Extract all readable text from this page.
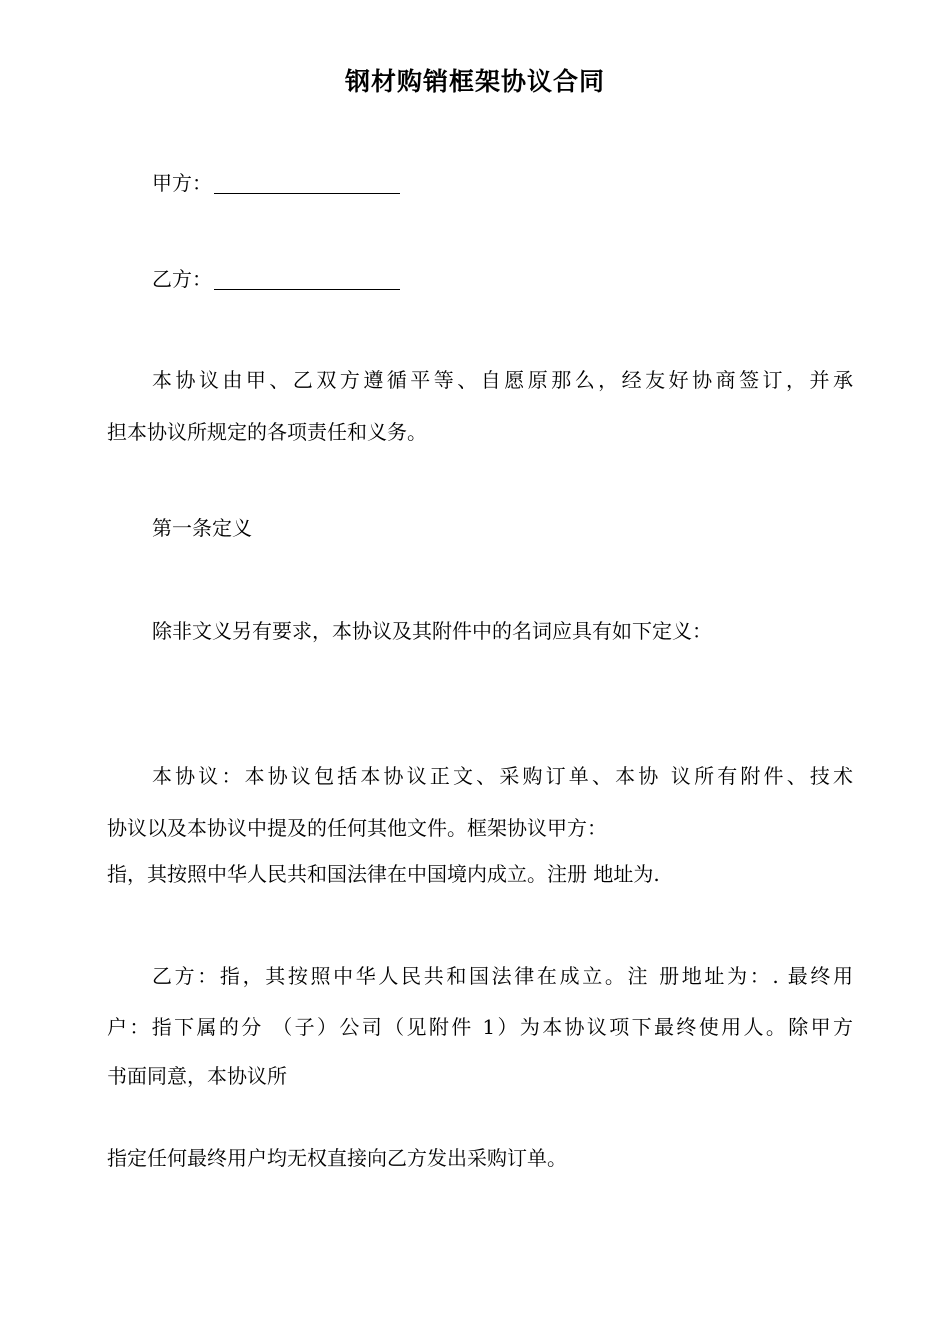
钢材购销框架协议合同
甲方：
乙方：
本协议由甲、乙双方遵循平等、自愿原那么，经友好协商签订，并承
担本协议所规定的各项责任和义务。
第一条定义
除非文义另有要求，本协议及其附件中的名词应具有如下定义：
本协议：本协议包括本协议正文、采购订单、本协 议所有附件、技术
协议以及本协议中提及的任何其他文件。框架协议甲方：
指，其按照中华人民共和国法律在中国境内成立。注册 地址为.
乙方：指，其按照中华人民共和国法律在成立。注 册地址为：. 最终用
户：指下属的分 （子）公司（见附件 1）为本协议项下最终使用人。除甲方
书面同意，本协议所
指定任何最终用户均无权直接向乙方发出采购订单。
